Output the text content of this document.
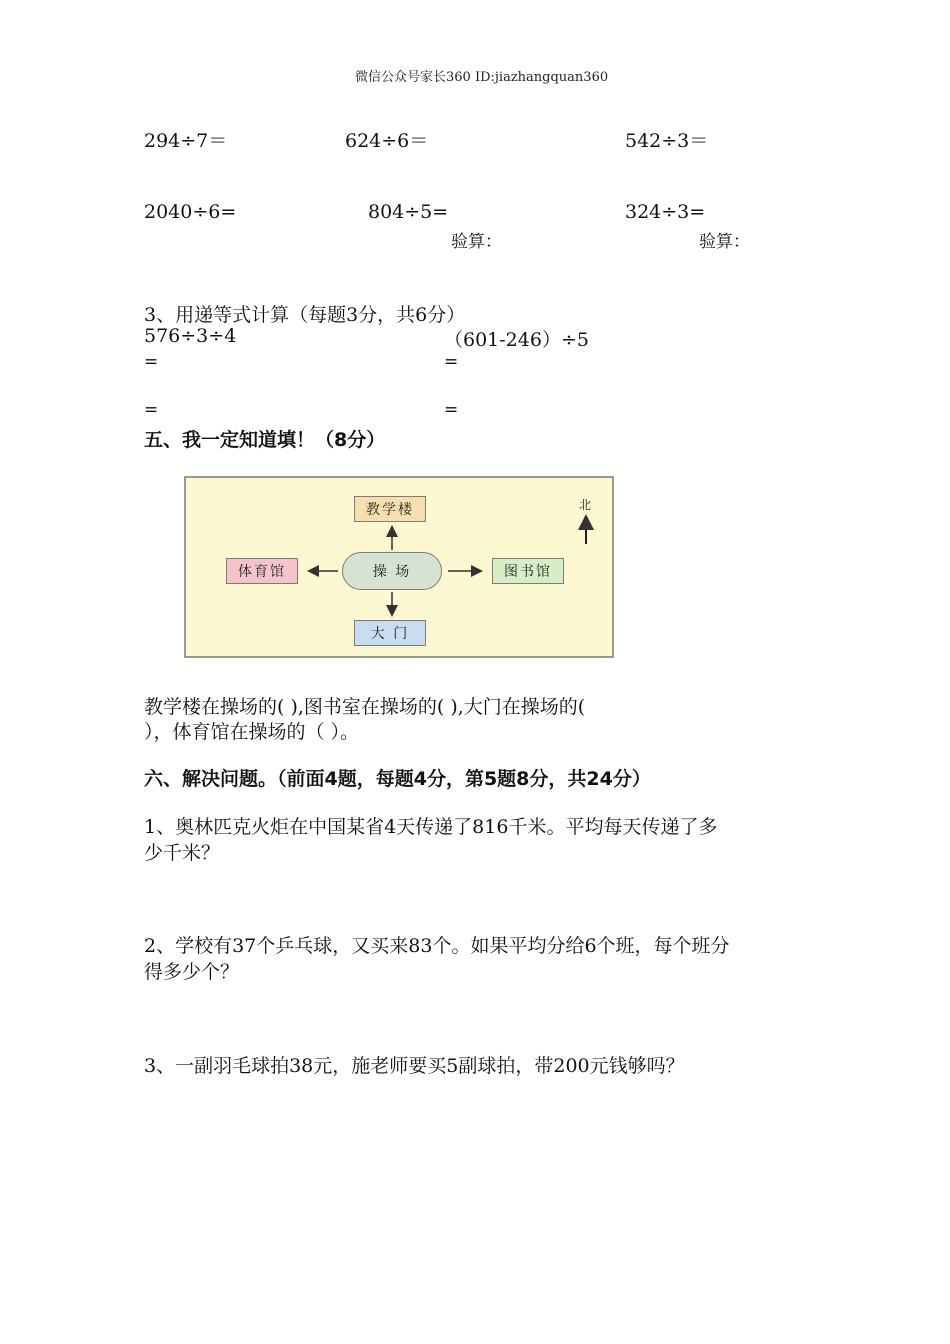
微信公众号家长360 ID:jiazhangquan360
294÷7＝	624÷6＝	542÷3＝
2040÷6=	804÷5=	324÷3=
验算：	验算：
3、用递等式计算（每题3分，共6分）
576÷3÷4	（601-246）÷5
=	=
=	=
五、我一定知道填！（8分）
教学楼
体育馆	操 场	图书馆
大 门
北
教学楼在操场的( ),图书室在操场的( ),大门在操场的(
），体育馆在操场的（ ）。
六、解决问题。（前面4题，每题4分，第5题8分，共24分）
1、奥林匹克火炬在中国某省4天传递了816千米。平均每天传递了多
少千米？
2、学校有37个乒乓球，又买来83个。如果平均分给6个班，每个班分
得多少个？
3、一副羽毛球拍38元，施老师要买5副球拍，带200元钱够吗？
